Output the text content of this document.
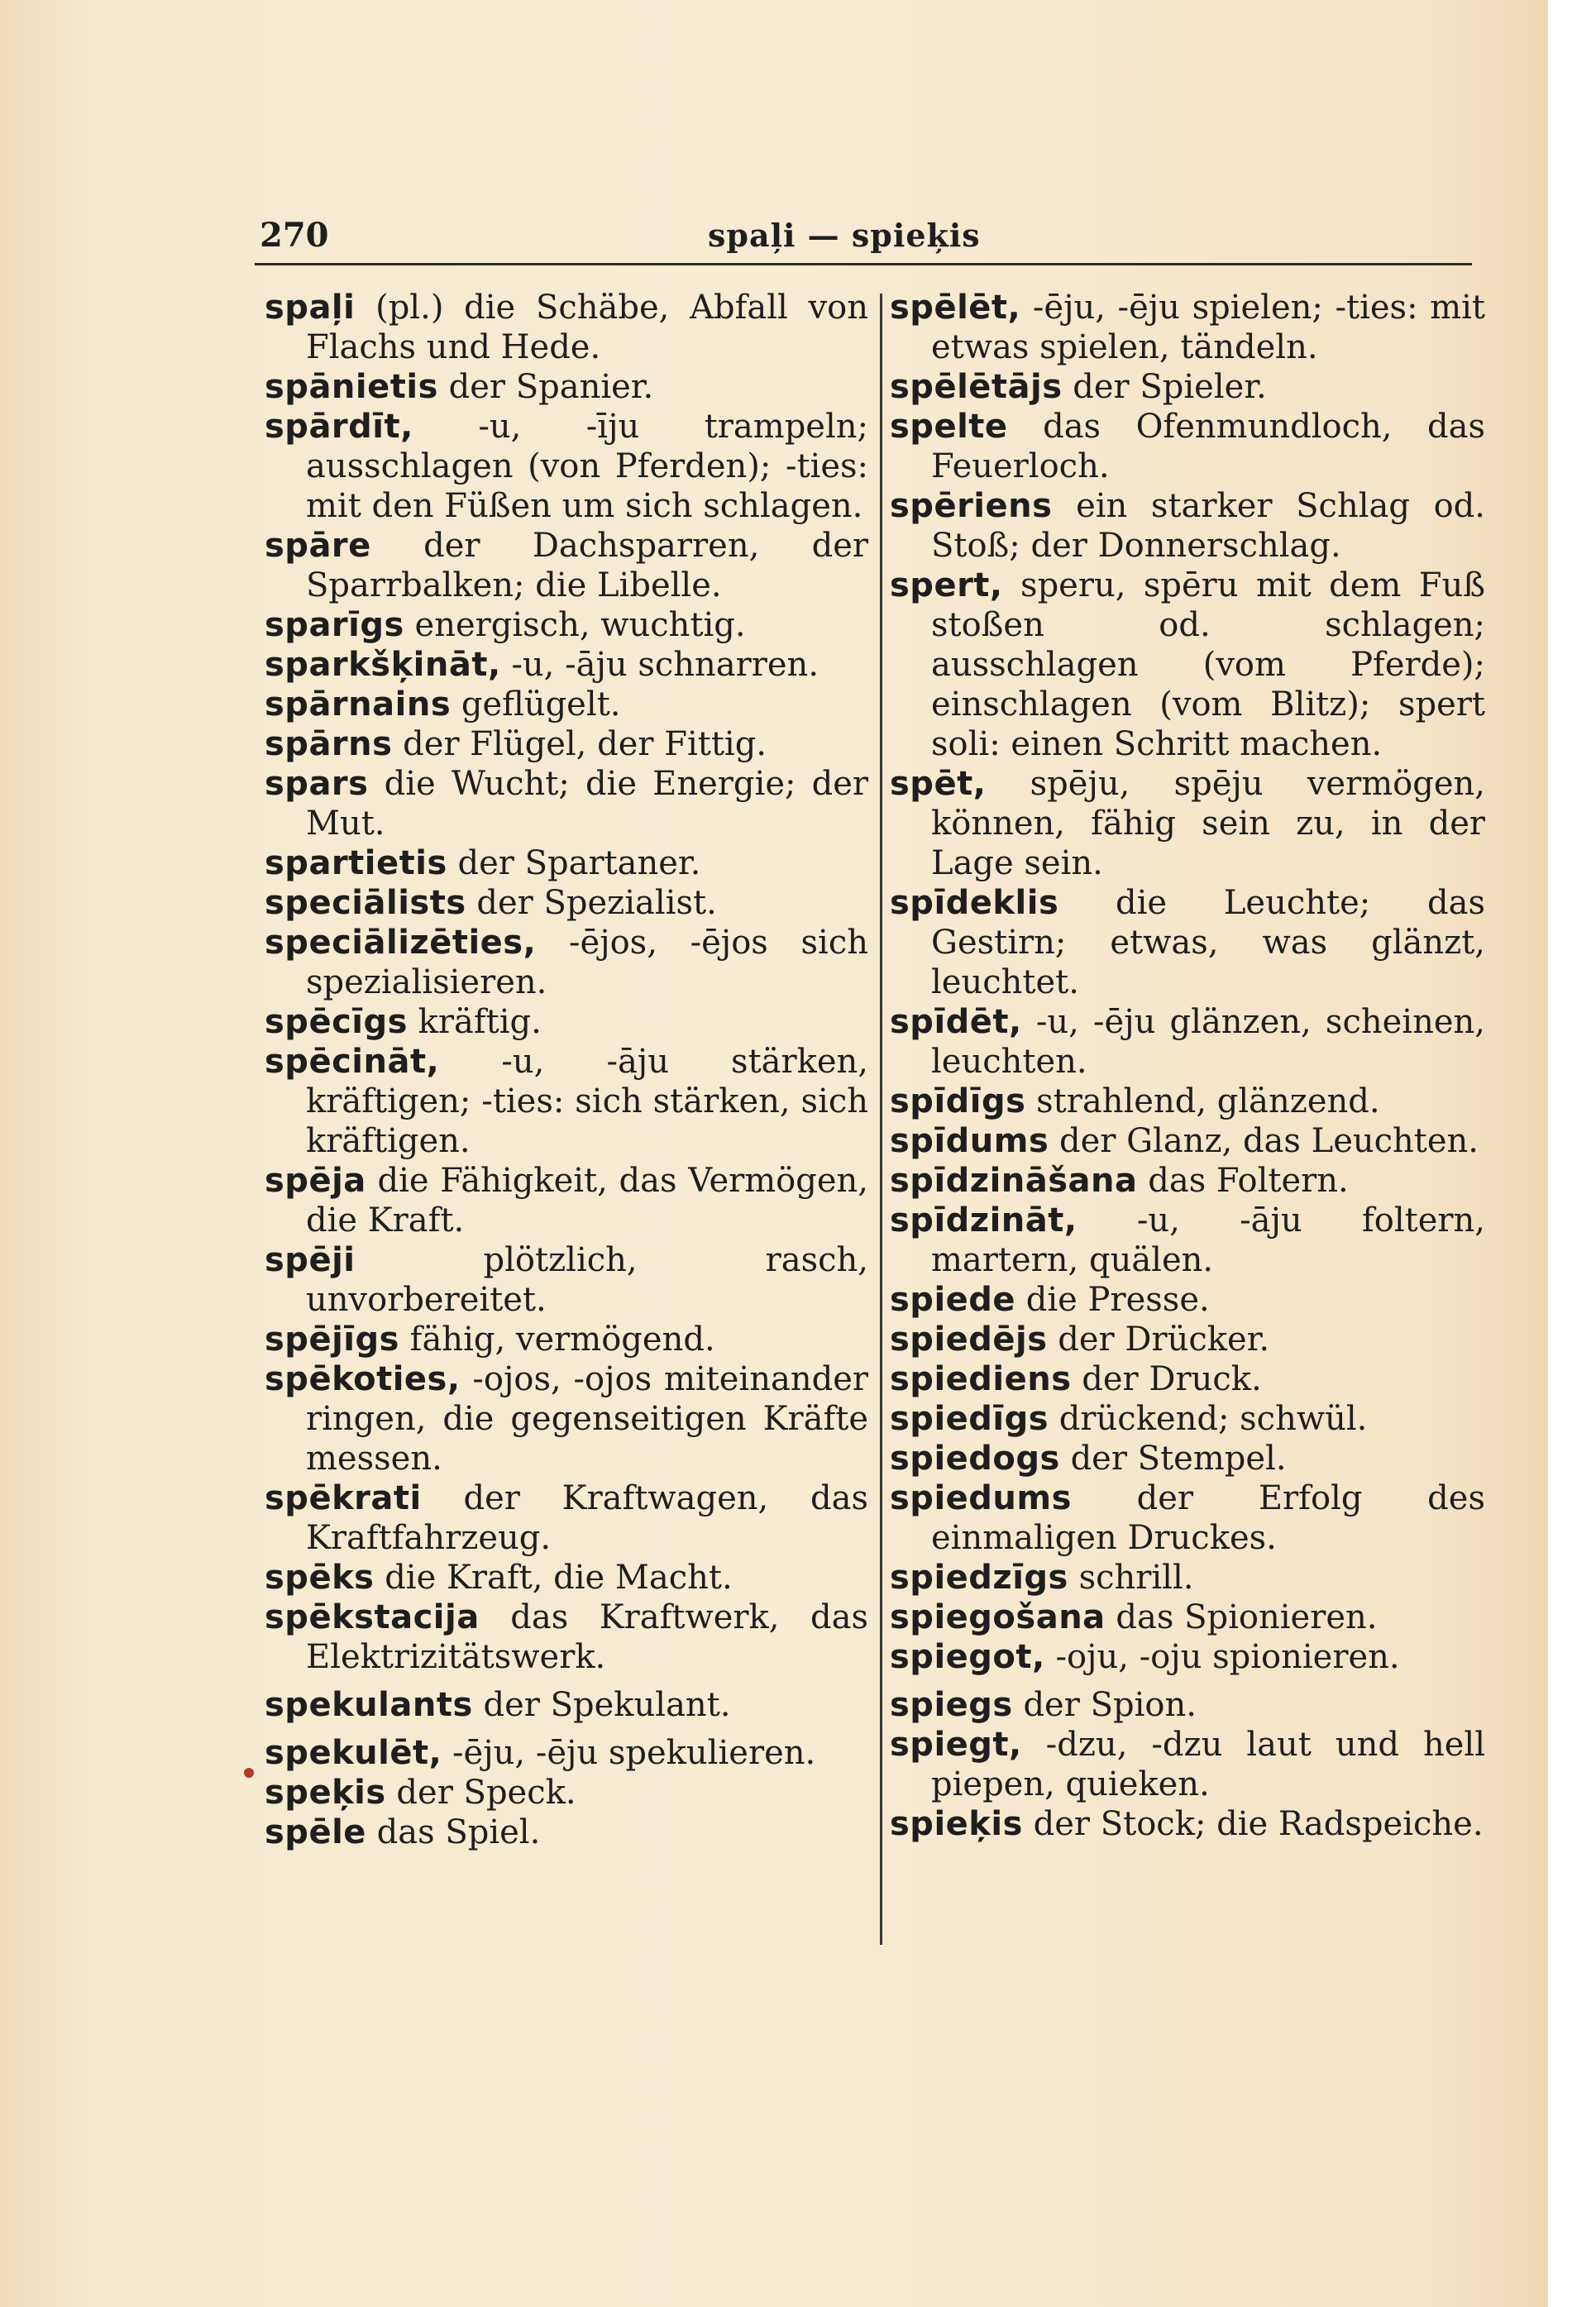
270	spaļi — spieķis

spaļi (pl.) die Schäbe, Abfall von Flachs und Hede.

spānietis der Spanier.

spārdīt, -u, -īju trampeln; ausschlagen (von Pferden); -ties: mit den Füßen um sich schlagen.

spāre der Dachsparren, der Sparrbalken; die Libelle.

sparīgs energisch, wuchtig.

sparkšķināt, -u, -āju schnarren.

spārnains geflügelt.

spārns der Flügel, der Fittig.

spars die Wucht; die Energie; der Mut.

spartietis der Spartaner.

speciālists der Spezialist.

speciālizēties, -ējos, -ējos sich spezialisieren.

spēcīgs kräftig.

spēcināt, -u, -āju stärken, kräftigen; -ties: sich stärken, sich kräftigen.

spēja die Fähigkeit, das Vermögen, die Kraft.

spēji	plötzlich, rasch, unvorbereitet.

spējīgs fähig, vermögend.

spēkoties, -ojos, -ojos miteinander ringen, die gegenseitigen Kräfte messen.

spēkrati der Kraftwagen, das Kraftfahrzeug.

spēks die Kraft, die Macht.

spēkstacija das Kraftwerk, das Elektrizitätswerk.

spekulants der Spekulant.

spekulēt, -ēju, -ēju spekulieren.

speķis der Speck.

spēle das Spiel.

spēlēt, -ēju, -ēju spielen; -ties: mit etwas spielen, tändeln.

spēlētājs der Spieler.

spelte das Ofenmundloch, das Feuerloch.

spēriens ein starker Schlag od. Stoß; der Donnerschlag.

spert, speru, spēru mit dem Fuß stoßen od. schlagen; ausschlagen (vom Pferde); einschlagen (vom Blitz); spert soli: einen Schritt machen.

spēt, spēju, spēju vermögen, können, fähig sein zu, in der Lage sein.

spīdeklis die Leuchte; das Gestirn; etwas, was glänzt, leuchtet.

spīdēt, -u, -ēju glänzen, scheinen, leuchten.

spīdīgs strahlend, glänzend.

spīdums der Glanz, das Leuchten.

spīdzināšana das Foltern.

spīdzināt, -u, -āju foltern, martern, quälen.

spiede die Presse.

spiedējs der Drücker.

spiediens der Druck.

spiedīgs drückend; schwül.

spiedogs der Stempel.

spiedums der Erfolg des einmaligen Druckes.

spiedzīgs schrill.

spiegošana das Spionieren.

spiegot, -oju, -oju spionieren.

spiegs der Spion.

spiegt, -dzu, -dzu laut und hell piepen, quieken.

spieķis der Stock; die Radspeiche.
